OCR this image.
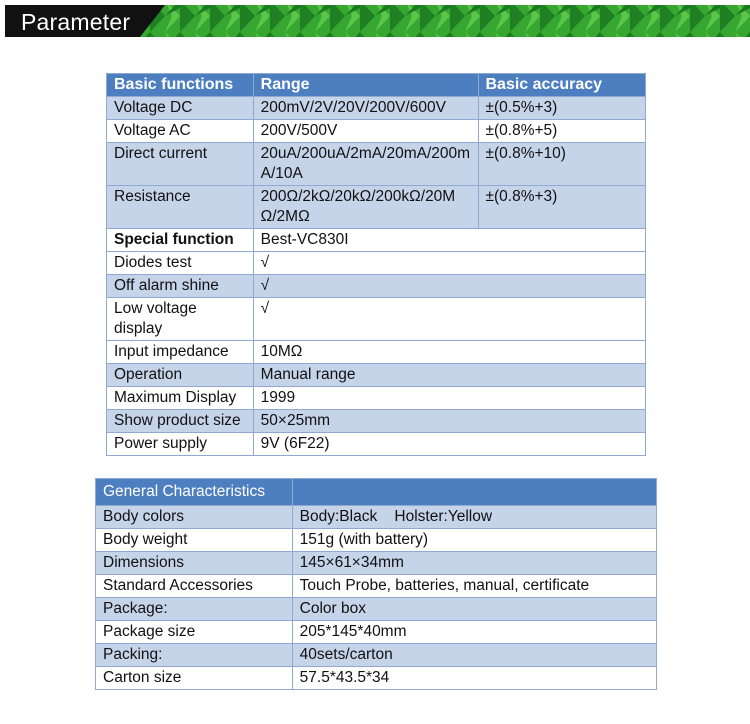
Parameter
Basic functions	Range	Basic accuracy
Voltage DC	200mV/2V/20V/200V/600V	±(0.5%+3)
Voltage AC	200V/500V	±(0.8%+5)
Direct current	20uA/200uA/2mA/20mA/200mA/10A	±(0.8%+10)
Resistance	200Ω/2kΩ/20kΩ/200kΩ/20MΩ/2MΩ	±(0.8%+3)
Special function	Best-VC830I	
Diodes test	√	
Off alarm shine	√	
Low voltage display	√	
Input impedance	10MΩ	
Operation	Manual range	
Maximum Display	1999	
Show product size	50×25mm	
Power supply	9V (6F22)	
General Characteristics	
Body colors	Body:Black    Holster:Yellow
Body weight	151g (with battery)
Dimensions	145×61×34mm
Standard Accessories	Touch Probe, batteries, manual, certificate
Package:	Color box
Package size	205*145*40mm
Packing:	40sets/carton
Carton size	57.5*43.5*34
